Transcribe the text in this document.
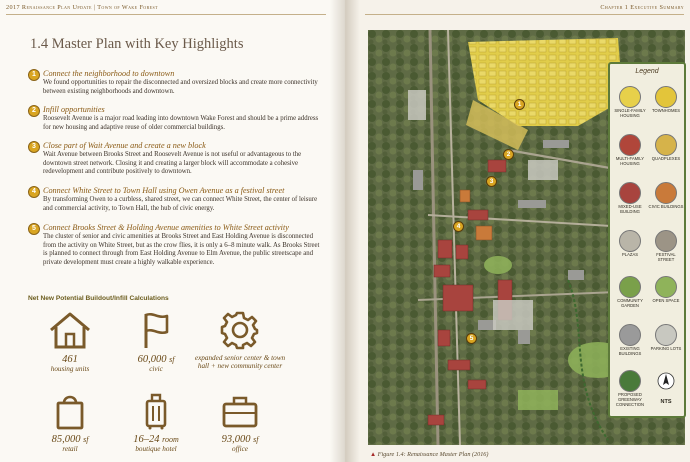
2017 Renaissance Plan Update | Town of Wake Forest
1.4 Master Plan with Key Highlights
1 Connect the neighborhood to downtown
We found opportunities to repair the disconnected and oversized blocks and create more connectivity between existing neighborhoods and downtown.
2 Infill opportunities
Roosevelt Avenue is a major road leading into downtown Wake Forest and should be a prime address for new housing and adaptive reuse of older commercial buildings.
3 Close part of Wait Avenue and create a new block
Wait Avenue between Brooks Street and Roosevelt Avenue is not useful or advantageous to the downtown street network. Closing it and creating a larger block will accommodate a cohesive redevelopment and contribute positively to downtown.
4 Connect White Street to Town Hall using Owen Avenue as a festival street
By transforming Owen to a curbless, shared street, we can connect White Street, the center of leisure and commercial activity, to Town Hall, the hub of civic energy.
5 Connect Brooks Street & Holding Avenue amenities to White Street activity
The cluster of senior and civic amenities at Brooks Street and East Holding Avenue is disconnected from the activity on White Street, but as the crow flies, it is only a 6–8 minute walk. As Brooks Street is planned to connect through from East Holding Avenue to Elm Avenue, the public streetscape and private development must create a highly walkable experience.
Net New Potential Buildout/Infill Calculations
461
housing units
60,000 sf
civic
expanded senior center & town hall + new community center
85,000 sf
retail
16–24 room
boutique hotel
93,000 sf
office
Chapter 1 Executive Summary
1
2
3
4
5
Legend
SINGLE-FAMILY HOUSING
TOWNHOMES
MULTI-FAMILY HOUSING
QUADPLEXES
MIXED-USE BUILDING
CIVIC BUILDINGS
PLAZAS	FESTIVAL STREET
COMMUNITY GARDEN
OPEN SPACE
EXISTING BUILDINGS
PARKING LOTS
PROPOSED GREENWAY CONNECTION	NTS
▲ Figure 1.4: Renaissance Master Plan (2016)
